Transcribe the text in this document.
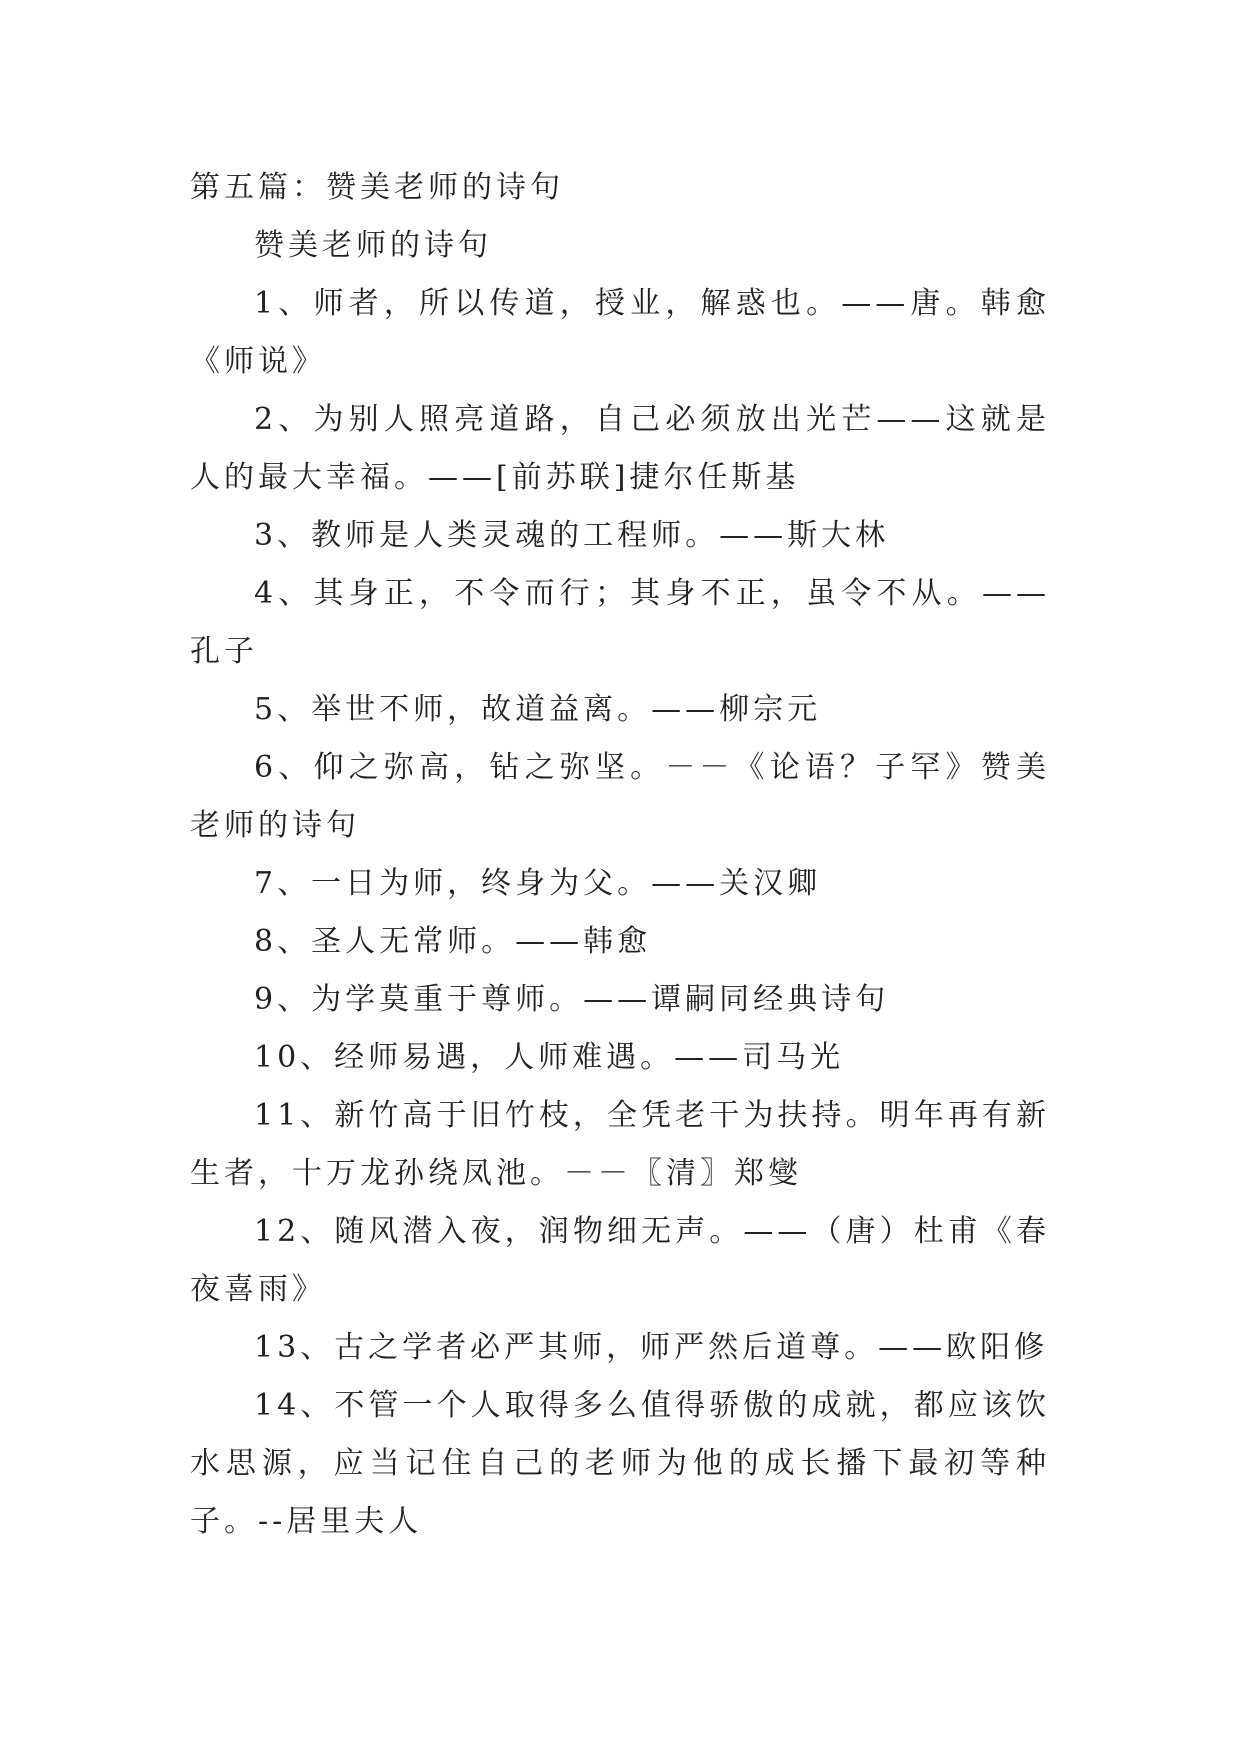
第五篇：赞美老师的诗句

赞美老师的诗句

1、师者，所以传道，授业，解惑也。——唐。韩愈《师说》

2、为别人照亮道路，自己必须放出光芒——这就是人的最大幸福。——[前苏联]捷尔任斯基

3、教师是人类灵魂的工程师。——斯大林

4、其身正，不令而行；其身不正，虽令不从。——孔子

5、举世不师，故道益离。——柳宗元

6、仰之弥高，钻之弥坚。－－《论语？子罕》赞美老师的诗句

7、一日为师，终身为父。——关汉卿

8、圣人无常师。——韩愈

9、为学莫重于尊师。——谭嗣同经典诗句

10、经师易遇，人师难遇。——司马光

11、新竹高于旧竹枝，全凭老干为扶持。明年再有新生者，十万龙孙绕凤池。－－〖清〗郑燮

12、随风潜入夜，润物细无声。——（唐）杜甫《春夜喜雨》

13、古之学者必严其师，师严然后道尊。——欧阳修

14、不管一个人取得多么值得骄傲的成就，都应该饮水思源，应当记住自己的老师为他的成长播下最初等种子。--居里夫人
